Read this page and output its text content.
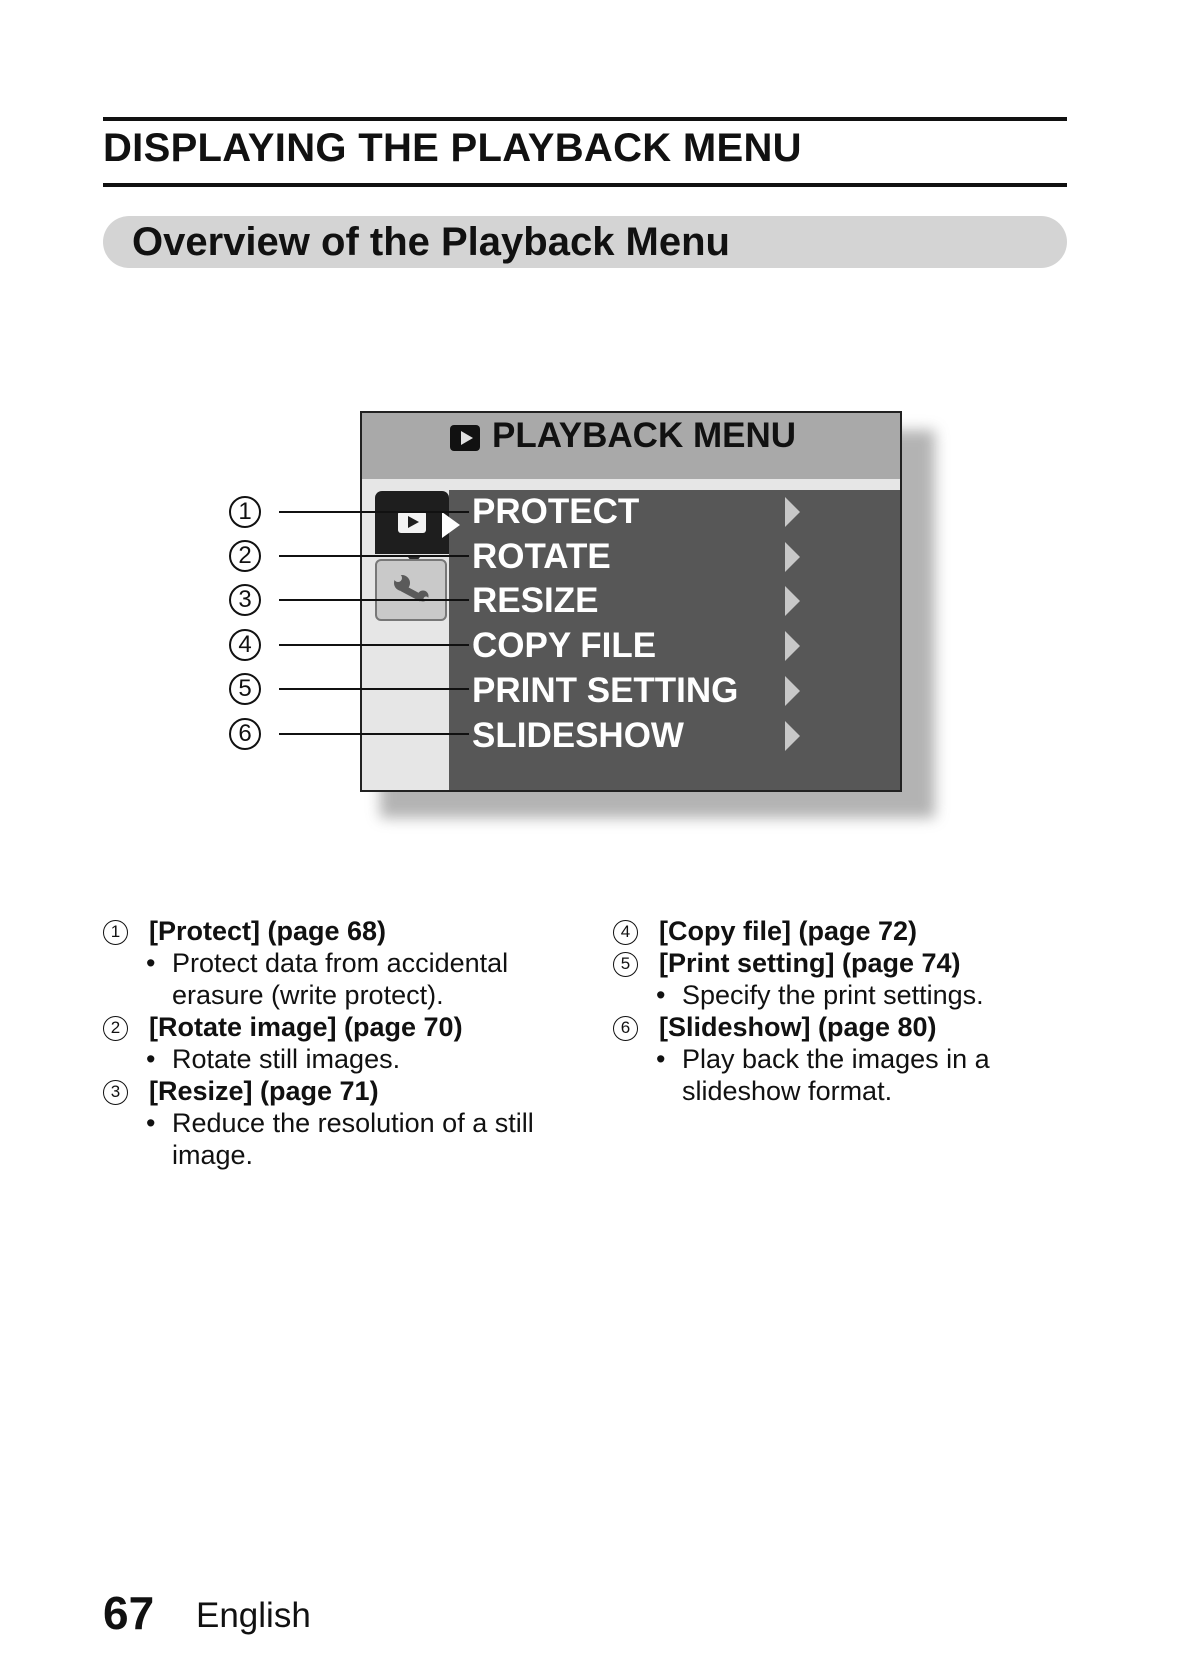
DISPLAYING THE PLAYBACK MENU
Overview of the Playback Menu
PLAYBACK MENU
PROTECT
ROTATE
RESIZE
COPY FILE
PRINT SETTING
SLIDESHOW
1
2
3
4
5
6
1	[Protect] (page 68)
• Protect data from accidental erasure (write protect).
2	[Rotate image] (page 70)
• Rotate still images.
3	[Resize] (page 71)
• Reduce the resolution of a still image.
4	[Copy file] (page 72)
5	[Print setting] (page 74)
• Specify the print settings.
6	[Slideshow] (page 80)
• Play back the images in a slideshow format.
67 English
